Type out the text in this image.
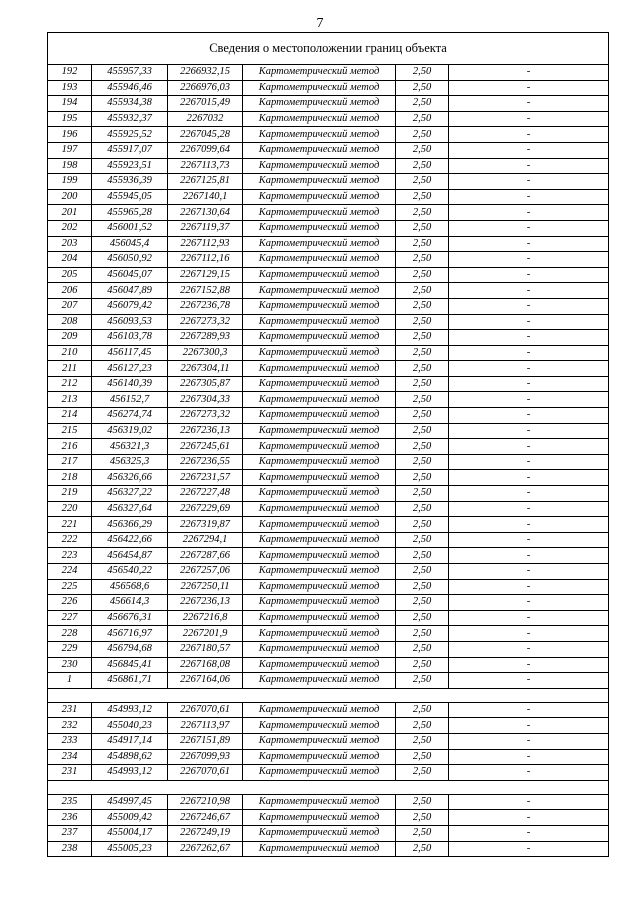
7
Сведения о местоположении границ объекта					
192	455957,33	2266932,15	Картометрический метод	2,50	-
193	455946,46	2266976,03	Картометрический метод	2,50	-
194	455934,38	2267015,49	Картометрический метод	2,50	-
195	455932,37	2267032	Картометрический метод	2,50	-
196	455925,52	2267045,28	Картометрический метод	2,50	-
197	455917,07	2267099,64	Картометрический метод	2,50	-
198	455923,51	2267113,73	Картометрический метод	2,50	-
199	455936,39	2267125,81	Картометрический метод	2,50	-
200	455945,05	2267140,1	Картометрический метод	2,50	-
201	455965,28	2267130,64	Картометрический метод	2,50	-
202	456001,52	2267119,37	Картометрический метод	2,50	-
203	456045,4	2267112,93	Картометрический метод	2,50	-
204	456050,92	2267112,16	Картометрический метод	2,50	-
205	456045,07	2267129,15	Картометрический метод	2,50	-
206	456047,89	2267152,88	Картометрический метод	2,50	-
207	456079,42	2267236,78	Картометрический метод	2,50	-
208	456093,53	2267273,32	Картометрический метод	2,50	-
209	456103,78	2267289,93	Картометрический метод	2,50	-
210	456117,45	2267300,3	Картометрический метод	2,50	-
211	456127,23	2267304,11	Картометрический метод	2,50	-
212	456140,39	2267305,87	Картометрический метод	2,50	-
213	456152,7	2267304,33	Картометрический метод	2,50	-
214	456274,74	2267273,32	Картометрический метод	2,50	-
215	456319,02	2267236,13	Картометрический метод	2,50	-
216	456321,3	2267245,61	Картометрический метод	2,50	-
217	456325,3	2267236,55	Картометрический метод	2,50	-
218	456326,66	2267231,57	Картометрический метод	2,50	-
219	456327,22	2267227,48	Картометрический метод	2,50	-
220	456327,64	2267229,69	Картометрический метод	2,50	-
221	456366,29	2267319,87	Картометрический метод	2,50	-
222	456422,66	2267294,1	Картометрический метод	2,50	-
223	456454,87	2267287,66	Картометрический метод	2,50	-
224	456540,22	2267257,06	Картометрический метод	2,50	-
225	456568,6	2267250,11	Картометрический метод	2,50	-
226	456614,3	2267236,13	Картометрический метод	2,50	-
227	456676,31	2267216,8	Картометрический метод	2,50	-
228	456716,97	2267201,9	Картометрический метод	2,50	-
229	456794,68	2267180,57	Картометрический метод	2,50	-
230	456845,41	2267168,08	Картометрический метод	2,50	-
1	456861,71	2267164,06	Картометрический метод	2,50	-

231	454993,12	2267070,61	Картометрический метод	2,50	-
232	455040,23	2267113,97	Картометрический метод	2,50	-
233	454917,14	2267151,89	Картометрический метод	2,50	-
234	454898,62	2267099,93	Картометрический метод	2,50	-
231	454993,12	2267070,61	Картометрический метод	2,50	-

235	454997,45	2267210,98	Картометрический метод	2,50	-
236	455009,42	2267246,67	Картометрический метод	2,50	-
237	455004,17	2267249,19	Картометрический метод	2,50	-
238	455005,23	2267262,67	Картометрический метод	2,50	-
